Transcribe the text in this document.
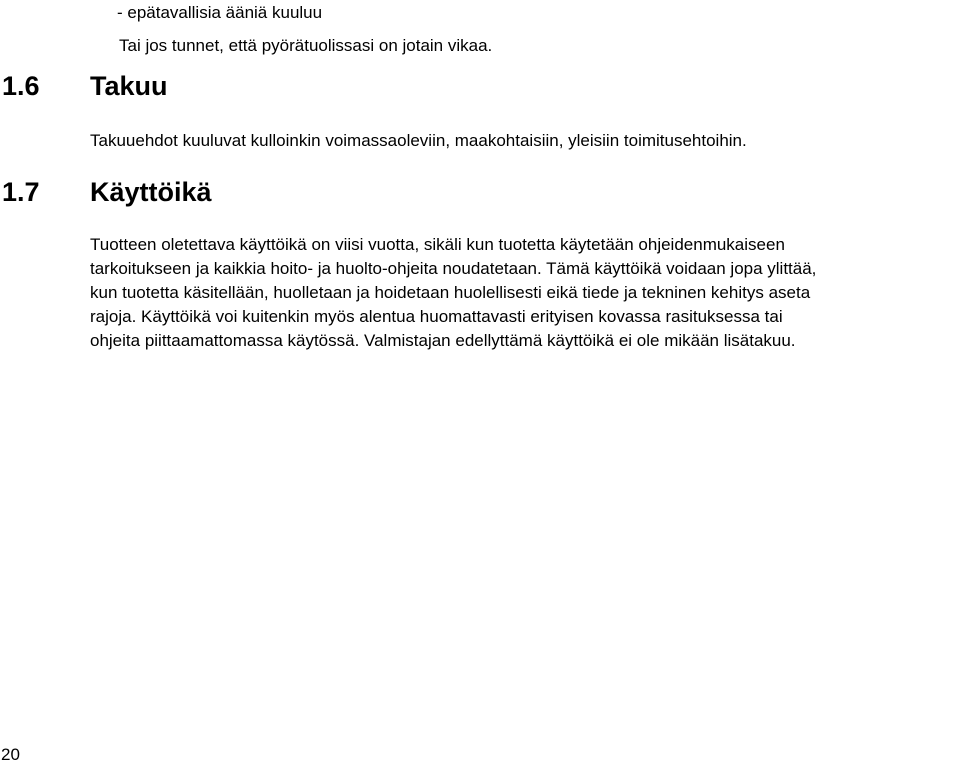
- epätavallisia ääniä kuuluu
Tai jos tunnet, että pyörätuolissasi on jotain vikaa.
1.6 Takuu

Takuuehdot kuuluvat kulloinkin voimassaoleviin, maakohtaisiin, yleisiin toimitusehtoihin.

1.7 Käyttöikä

Tuotteen oletettava käyttöikä on viisi vuotta, sikäli kun tuotetta käytetään ohjeidenmukaiseen

tarkoitukseen ja kaikkia hoito- ja huolto-ohjeita noudatetaan. Tämä käyttöikä voidaan jopa ylittää,

kun tuotetta käsitellään, huolletaan ja hoidetaan huolellisesti eikä tiede ja tekninen kehitys aseta

rajoja. Käyttöikä voi kuitenkin myös alentua huomattavasti erityisen kovassa rasituksessa tai

ohjeita piittaamattomassa käytössä. Valmistajan edellyttämä käyttöikä ei ole mikään lisätakuu.

20
